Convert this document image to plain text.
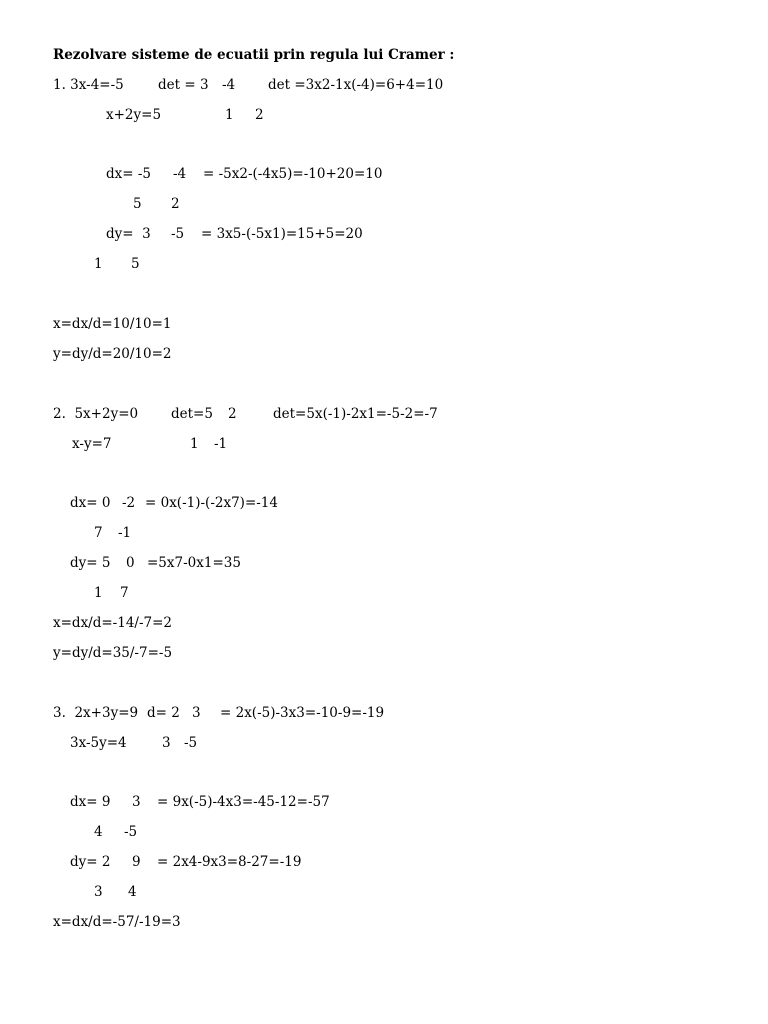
Rezolvare sisteme de ecuatii prin regula lui Cramer :
1. 3x-4=-5	det = 3 -4 det =3x2-1x(-4)=6+4=10
x+2y=5	1 2
dx= -5 -4 = -5x2-(-4x5)=-10+20=10
5 2
dy=  3 -5 = 3x5-(-5x1)=15+5=20
1 5
x=dx/d=10/10=1
y=dy/d=20/10=2
2.  5x+2y=0 det=5 2	det=5x(-1)-2x1=-5-2=-7
x-y=7	1 -1
dx= 0 -2 = 0x(-1)-(-2x7)=-14
7 -1
dy= 5 0 =5x7-0x1=35
1 7
x=dx/d=-14/-7=2
y=dy/d=35/-7=-5
3.  2x+3y=9 d= 2 3 = 2x(-5)-3x3=-10-9=-19
3x-5y=4	3 -5
dx= 9 3 = 9x(-5)-4x3=-45-12=-57
4 -5
dy= 2 9 = 2x4-9x3=8-27=-19
3 4
x=dx/d=-57/-19=3
